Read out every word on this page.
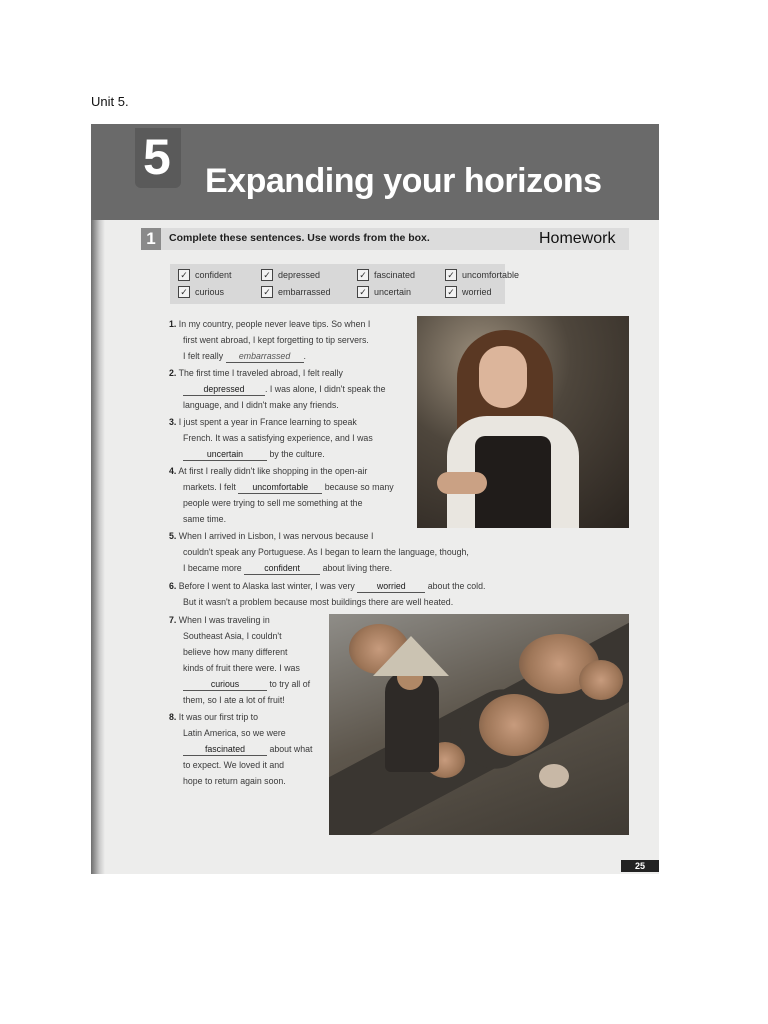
Unit 5.
5 Expanding your horizons
1	Complete these sentences. Use words from the box.	Homework
✓ confident	✓ depressed	✓ fascinated	✓ uncomfortable
✓ curious	✓ embarrassed	✓ uncertain	✓ worried
1. In my country, people never leave tips. So when I
first went abroad, I kept forgetting to tip servers.
I felt really embarrassed .
2. The first time I traveled abroad, I felt really
depressed . I was alone, I didn't speak the
language, and I didn't make any friends.
3. I just spent a year in France learning to speak
French. It was a satisfying experience, and I was
uncertain	by the culture.
4. At first I really didn't like shopping in the open-air
markets. I felt uncomfortable because so many
people were trying to sell me something at the
same time.
5. When I arrived in Lisbon, I was nervous because I
couldn't speak any Portuguese. As I began to learn the language, though,
I became more	confident	about living there.
6. Before I went to Alaska last winter, I was very	worried	about the cold.
But it wasn't a problem because most buildings there are well heated.
7. When I was traveling in
Southeast Asia, I couldn't
believe how many different
kinds of fruit there were. I was
curious	to try all of
them, so I ate a lot of fruit!
8. It was our first trip to
Latin America, so we were
fascinated	about what
to expect. We loved it and
hope to return again soon.
25
